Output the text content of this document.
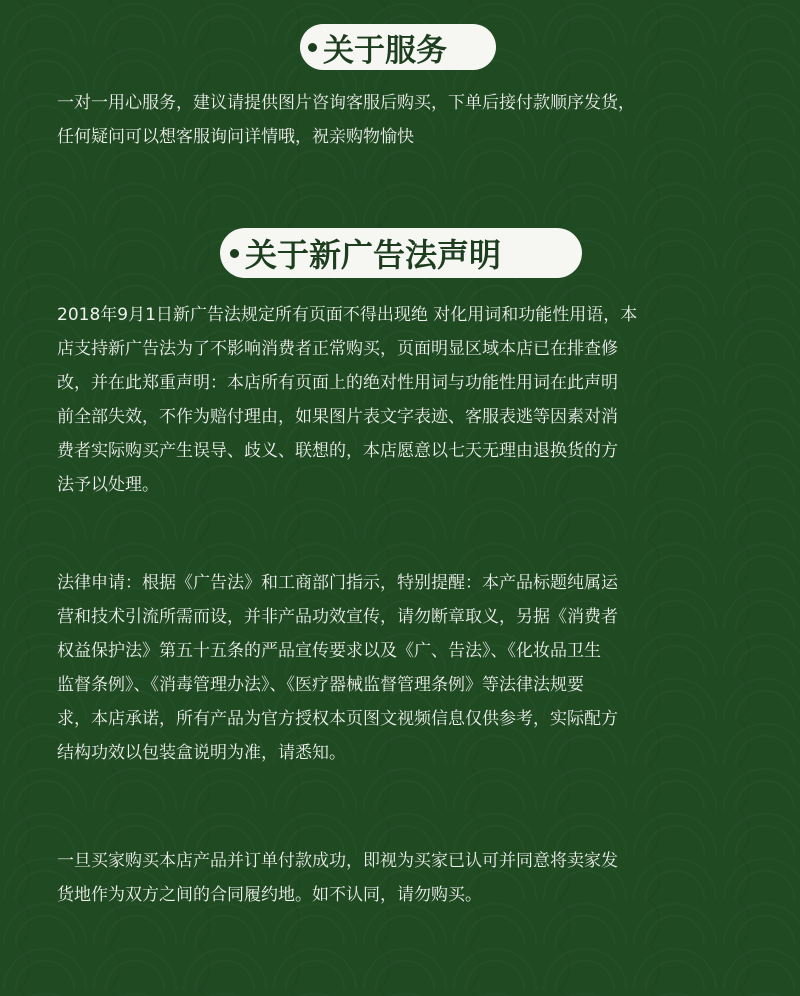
关于服务

一对一用心服务，建议请提供图片咨询客服后购买，下单后接付款顺序发货，
任何疑问可以想客服询问详情哦，祝亲购物愉快

关于新广告法声明

2018年9月1日新广告法规定所有页面不得出现绝 对化用词和功能性用语，本
店支持新广告法为了不影响消费者正常购买，页面明显区域本店已在排查修
改，并在此郑重声明：本店所有页面上的绝对性用词与功能性用词在此声明
前全部失效，不作为赔付理由，如果图片表文字表迹、客服表逃等因素对消
费者实际购买产生误导、歧义、联想的，本店愿意以七天无理由退换货的方
法予以处理。

法律申请：根据《广告法》和工商部门指示，特别提醒：本产品标题纯属运
营和技术引流所需而设，并非产品功效宣传，请勿断章取义，另据《消费者
权益保护法》第五十五条的严品宣传要求以及《广、告法》、《化妆品卫生
监督条例》、《消毒管理办法》、《医疗器械监督管理条例》等法律法规要
求，本店承诺，所有产品为官方授权本页图文视频信息仅供参考，实际配方
结构功效以包装盒说明为准，请悉知。

一旦买家购买本店产品并订单付款成功，即视为买家已认可并同意将卖家发
货地作为双方之间的合同履约地。如不认同，请勿购买。
